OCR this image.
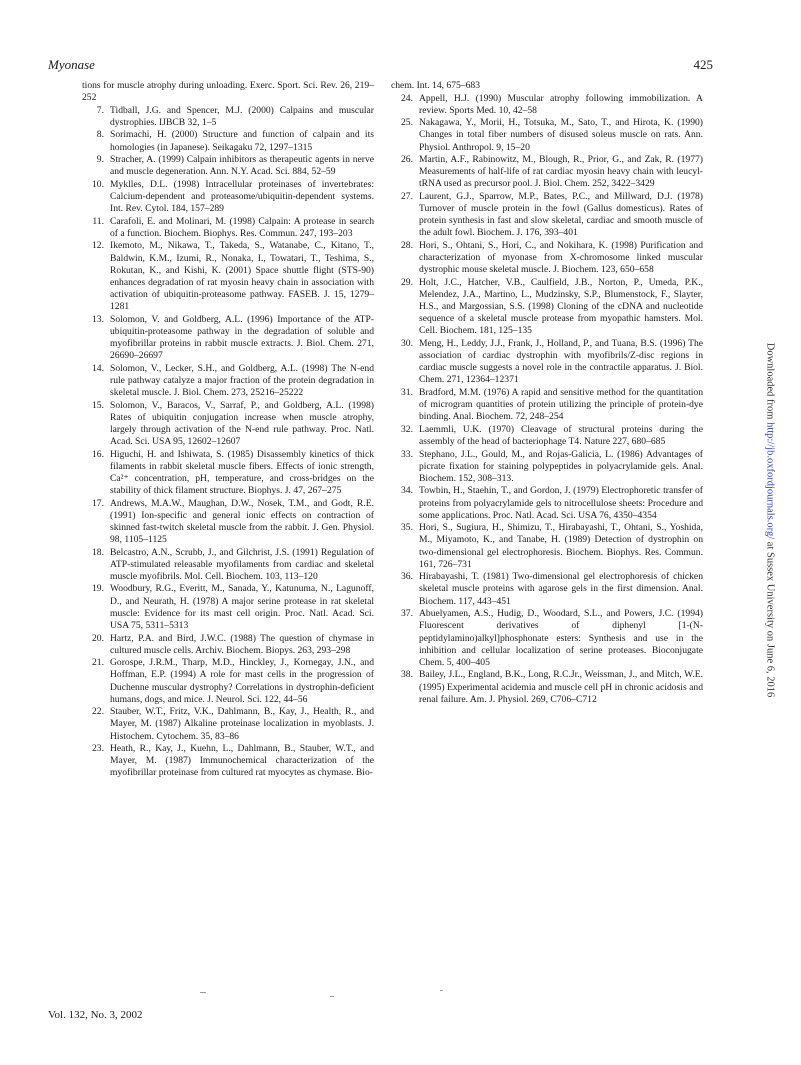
Myonase	425
tions for muscle atrophy during unloading. Exerc. Sport. Sci. Rev. 26, 219–252
7. Tidball, J.G. and Spencer, M.J. (2000) Calpains and muscular dystrophies. IJBCB 32, 1–5
8. Sorimachi, H. (2000) Structure and function of calpain and its homologies (in Japanese). Seikagaku 72, 1297–1315
9. Stracher, A. (1999) Calpain inhibitors as therapeutic agents in nerve and muscle degeneration. Ann. N.Y. Acad. Sci. 884, 52–59
10. Myklles, D.L. (1998) Intracellular proteinases of invertebrates: Calcium-dependent and proteasome/ubiquitin-dependent systems. Int. Rev. Cytol. 184, 157–289
11. Carafoli, E. and Molinari, M. (1998) Calpain: A protease in search of a function. Biochem. Biophys. Res. Commun. 247, 193–203
12. Ikemoto, M., Nikawa, T., Takeda, S., Watanabe, C., Kitano, T., Baldwin, K.M., Izumi, R., Nonaka, I., Towatari, T., Teshima, S., Rokutan, K., and Kishi, K. (2001) Space shuttle flight (STS-90) enhances degradation of rat myosin heavy chain in association with activation of ubiquitin-proteasome pathway. FASEB. J. 15, 1279–1281
13. Solomon, V. and Goldberg, A.L. (1996) Importance of the ATP-ubiquitin-proteasome pathway in the degradation of soluble and myofibrillar proteins in rabbit muscle extracts. J. Biol. Chem. 271, 26690–26697
14. Solomon, V., Lecker, S.H., and Goldberg, A.L. (1998) The N-end rule pathway catalyze a major fraction of the protein degradation in skeletal muscle. J. Biol. Chem. 273, 25216–25222
15. Solomon, V., Baracos, V., Sarraf, P., and Goldberg, A.L. (1998) Rates of ubiquitin conjugation increase when muscle atrophy, largely through activation of the N-end rule pathway. Proc. Natl. Acad. Sci. USA 95, 12602–12607
16. Higuchi, H. and Ishiwata, S. (1985) Disassembly kinetics of thick filaments in rabbit skeletal muscle fibers. Effects of ionic strength, Ca²⁺ concentration, pH, temperature, and cross-bridges on the stability of thick filament structure. Biophys. J. 47, 267–275
17. Andrews, M.A.W., Maughan, D.W., Nosek, T.M., and Godt, R.E. (1991) Ion-specific and general ionic effects on contraction of skinned fast-twitch skeletal muscle from the rabbit. J. Gen. Physiol. 98, 1105–1125
18. Belcastro, A.N., Scrubb, J., and Gilchrist, J.S. (1991) Regulation of ATP-stimulated releasable myofilaments from cardiac and skeletal muscle myofibrils. Mol. Cell. Biochem. 103, 113–120
19. Woodbury, R.G., Everitt, M., Sanada, Y., Katunuma, N., Lagunoff, D., and Neurath, H. (1978) A major serine protease in rat skeletal muscle: Evidence for its mast cell origin. Proc. Natl. Acad. Sci. USA 75, 5311–5313
20. Hartz, P.A. and Bird, J.W.C. (1988) The question of chymase in cultured muscle cells. Archiv. Biochem. Biopys. 263, 293–298
21. Gorospe, J.R.M., Tharp, M.D., Hinckley, J., Kornegay, J.N., and Hoffman, E.P. (1994) A role for mast cells in the progression of Duchenne muscular dystrophy? Correlations in dystrophin-deficient humans, dogs, and mice. J. Neurol. Sci. 122, 44–56
22. Stauber, W.T., Fritz, V.K., Dahlmann, B., Kay, J., Health, R., and Mayer, M. (1987) Alkaline proteinase localization in myoblasts. J. Histochem. Cytochem. 35, 83–86
23. Heath, R., Kay, J., Kuehn, L., Dahlmann, B., Stauber, W.T., and Mayer, M. (1987) Immunochemical characterization of the myofibrillar proteinase from cultured rat myocytes as chymase. Bio-
chem. Int. 14, 675–683
24. Appell, H.J. (1990) Muscular atrophy following immobilization. A review. Sports Med. 10, 42–58
25. Nakagawa, Y., Morii, H., Totsuka, M., Sato, T., and Hirota, K. (1990) Changes in total fiber numbers of disused soleus muscle on rats. Ann. Physiol. Anthropol. 9, 15–20
26. Martin, A.F., Rabinowitz, M., Blough, R., Prior, G., and Zak, R. (1977) Measurements of half-life of rat cardiac myosin heavy chain with leucyl-tRNA used as precursor pool. J. Biol. Chem. 252, 3422–3429
27. Laurent, G.J., Sparrow, M.P., Bates, P.C., and Millward, D.J. (1978) Turnover of muscle protein in the fowl (Gallus domesticus). Rates of protein synthesis in fast and slow skeletal, cardiac and smooth muscle of the adult fowl. Biochem. J. 176, 393–401
28. Hori, S., Ohtani, S., Hori, C., and Nokihara, K. (1998) Purification and characterization of myonase from X-chromosome linked muscular dystrophic mouse skeletal muscle. J. Biochem. 123, 650–658
29. Holt, J.C., Hatcher, V.B., Caulfield, J.B., Norton, P., Umeda, P.K., Melendez, J.A., Martino, L., Mudzinsky, S.P., Blumenstock, F., Slayter, H.S., and Margossian, S.S. (1998) Cloning of the cDNA and nucleotide sequence of a skeletal muscle protease from myopathic hamsters. Mol. Cell. Biochem. 181, 125–135
30. Meng, H., Leddy, J.J., Frank, J., Holland, P., and Tuana, B.S. (1996) The association of cardiac dystrophin with myofibrils/Z-disc regions in cardiac muscle suggests a novel role in the contractile apparatus. J. Biol. Chem. 271, 12364–12371
31. Bradford, M.M. (1976) A rapid and sensitive method for the quantitation of microgram quantities of protein utilizing the principle of protein-dye binding. Anal. Biochem. 72, 248–254
32. Laemmli, U.K. (1970) Cleavage of structural proteins during the assembly of the head of bacteriophage T4. Nature 227, 680–685
33. Stephano, J.L., Gould, M., and Rojas-Galicia, L. (1986) Advantages of picrate fixation for staining polypeptides in polyacrylamide gels. Anal. Biochem. 152, 308–313.
34. Towbin, H., Staehin, T., and Gordon, J. (1979) Electrophoretic transfer of proteins from polyacrylamide gels to nitrocellulose sheets: Procedure and some applications. Proc. Natl. Acad. Sci. USA 76, 4350–4354
35. Hori, S., Sugiura, H., Shimizu, T., Hirabayashi, T., Ohtani, S., Yoshida, M., Miyamoto, K., and Tanabe, H. (1989) Detection of dystrophin on two-dimensional gel electrophoresis. Biochem. Biophys. Res. Commun. 161, 726–731
36. Hirabayashi, T. (1981) Two-dimensional gel electrophoresis of chicken skeletal muscle proteins with agarose gels in the first dimension. Anal. Biochem. 117, 443–451
37. Abuelyamen, A.S., Hudig, D., Woodard, S.L., and Powers, J.C. (1994) Fluorescent derivatives of diphenyl [1-(N-peptidylamino)alkyl]phosphonate esters: Synthesis and use in the inhibition and cellular localization of serine proteases. Bioconjugate Chem. 5, 400–405
38. Bailey, J.L., England, B.K., Long, R.C.Jr., Weissman, J., and Mitch, W.E. (1995) Experimental acidemia and muscle cell pH in chronic acidosis and renal failure. Am. J. Physiol. 269, C706–C712
Downloaded from http://jb.oxfordjournals.org/ at Sussex University on June 6, 2016
Vol. 132, No. 3, 2002
